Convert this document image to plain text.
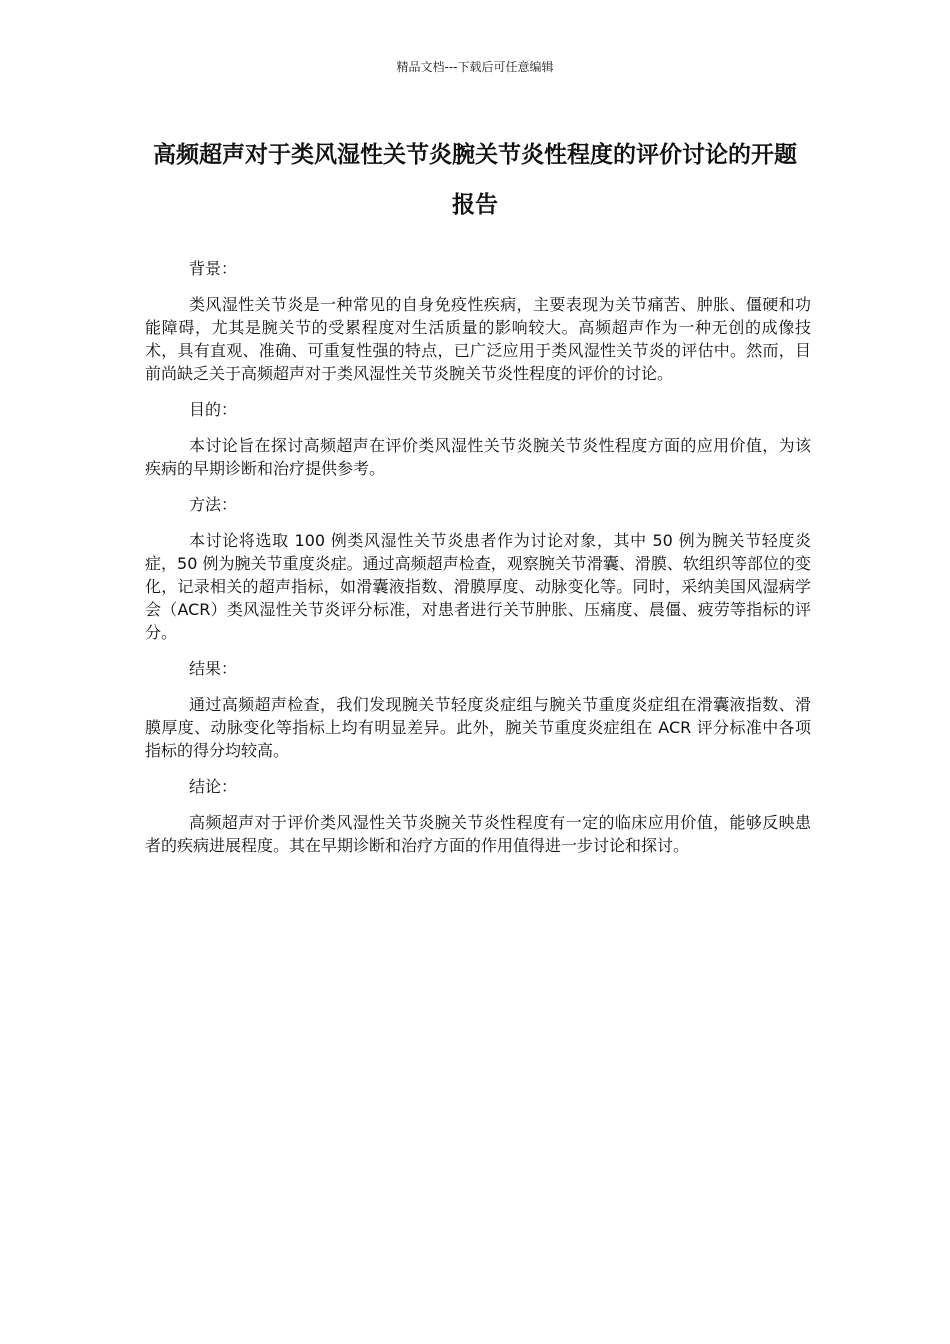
精品文档---下载后可任意编辑
高频超声对于类风湿性关节炎腕关节炎性程度的评价讨论的开题报告

背景：

类风湿性关节炎是一种常见的自身免疫性疾病，主要表现为关节痛苦、肿胀、僵硬和功能障碍，尤其是腕关节的受累程度对生活质量的影响较大。高频超声作为一种无创的成像技术，具有直观、准确、可重复性强的特点，已广泛应用于类风湿性关节炎的评估中。然而，目前尚缺乏关于高频超声对于类风湿性关节炎腕关节炎性程度的评价的讨论。

目的：

本讨论旨在探讨高频超声在评价类风湿性关节炎腕关节炎性程度方面的应用价值，为该疾病的早期诊断和治疗提供参考。

方法：

本讨论将选取 100 例类风湿性关节炎患者作为讨论对象，其中 50 例为腕关节轻度炎症，50 例为腕关节重度炎症。通过高频超声检查，观察腕关节滑囊、滑膜、软组织等部位的变化，记录相关的超声指标，如滑囊液指数、滑膜厚度、动脉变化等。同时，采纳美国风湿病学会（ACR）类风湿性关节炎评分标准，对患者进行关节肿胀、压痛度、晨僵、疲劳等指标的评分。

结果：

通过高频超声检查，我们发现腕关节轻度炎症组与腕关节重度炎症组在滑囊液指数、滑膜厚度、动脉变化等指标上均有明显差异。此外，腕关节重度炎症组在 ACR 评分标准中各项指标的得分均较高。

结论：

高频超声对于评价类风湿性关节炎腕关节炎性程度有一定的临床应用价值，能够反映患者的疾病进展程度。其在早期诊断和治疗方面的作用值得进一步讨论和探讨。
